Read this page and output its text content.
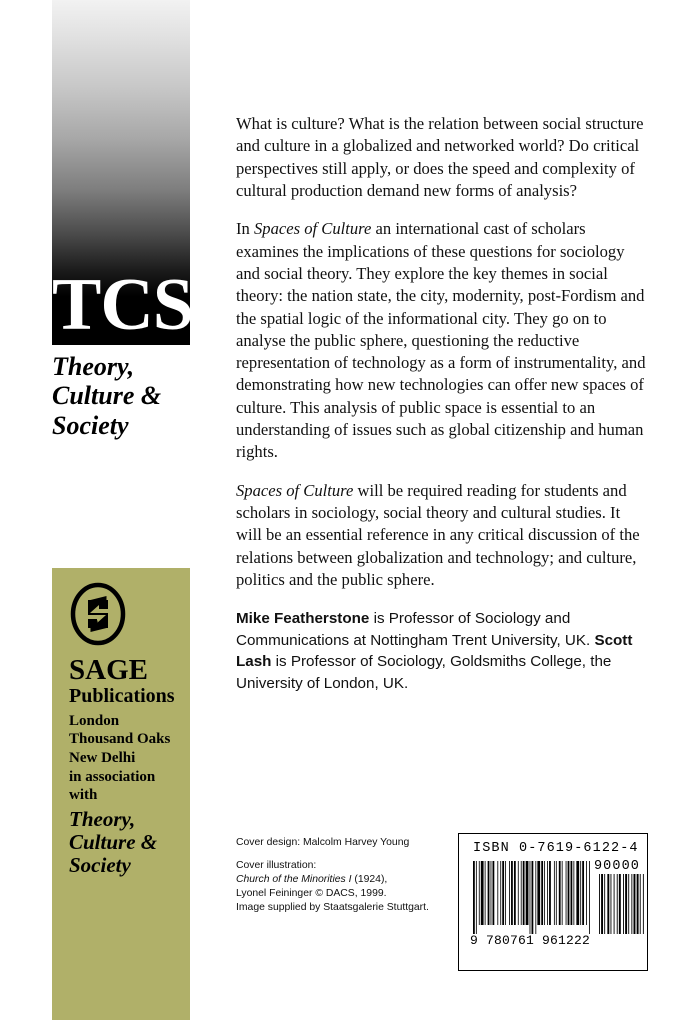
TCS
Theory,
Culture &
Society
SAGE
Publications
London
Thousand Oaks
New Delhi
in association
with
Theory,
Culture &
Society

What is culture? What is the relation between social structure and culture in a globalized and networked world? Do critical perspectives still apply, or does the speed and complexity of cultural production demand new forms of analysis?

In Spaces of Culture an international cast of scholars examines the implications of these questions for sociology and social theory. They explore the key themes in social theory: the nation state, the city, modernity, post-Fordism and the spatial logic of the informational city. They go on to analyse the public sphere, questioning the reductive representation of technology as a form of instrumentality, and demonstrating how new technologies can offer new spaces of culture. This analysis of public space is essential to an understanding of issues such as global citizenship and human rights.

Spaces of Culture will be required reading for students and scholars in sociology, social theory and cultural studies. It will be an essential reference in any critical discussion of the relations between globalization and technology; and culture, politics and the public sphere.

Mike Featherstone is Professor of Sociology and Communications at Nottingham Trent University, UK. Scott Lash is Professor of Sociology, Goldsmiths College, the University of London, UK.
Cover design: Malcolm Harvey Young
Cover illustration:
Church of the Minorities I (1924),
Lyonel Feininger © DACS, 1999.
Image supplied by Staatsgalerie Stuttgart.
ISBN 0-7619-6122-4
90000
9 780761 961222
